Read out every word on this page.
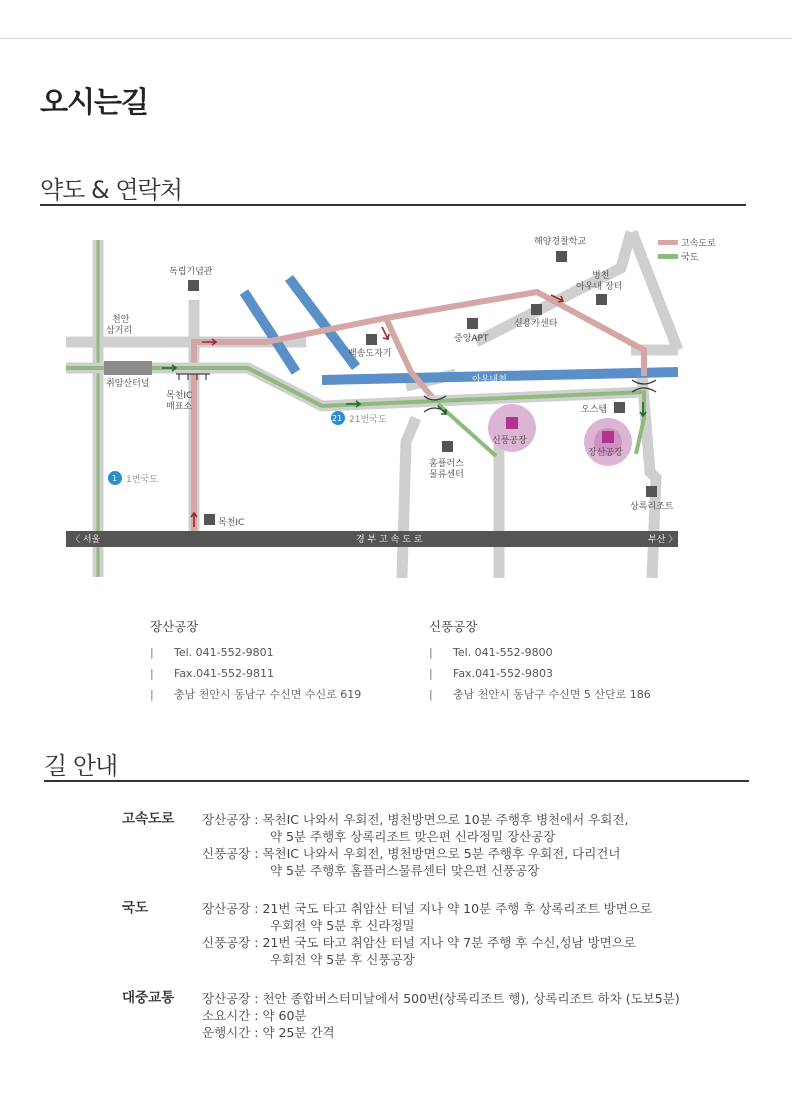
오시는길
약도 & 연락처
〈 서울	경 부 고 속 도 로	부산 〉
1 1번국도
21 21번국도
독립기념관
천안
삼거리
취암산터널
목천IC
매표소
목천IC
백송도자기
중앙APT
신용카센타
해양경찰학교
병천
아우내 장터
아우내천
오스템
홈플러스
물류센터
신풍공장
장산공장
상록리조트
고속도로
국도
장산공장
| Tel. 041-552-9801
| Fax.041-552-9811
| 충남 천안시 동남구 수신면 수신로 619
신풍공장
| Tel. 041-552-9800
| Fax.041-552-9803
| 충남 천안시 동남구 수신면 5 산단로 186
길 안내
고속도로 장산공장 : 목천IC 나와서 우회전, 병천방면으로 10분 주행후 병천에서 우회전,
약 5분 주행후 상록리조트 맞은편 신라정밀 장산공장
신풍공장 : 목천IC 나와서 우회전, 병천방면으로 5분 주행후 우회전, 다리건너
약 5분 주행후 홈플러스물류센터 맞은편 신풍공장
국도	장산공장 : 21번 국도 타고 취암산 터널 지나 약 10분 주행 후 상록리조트 방면으로
우회전 약 5분 후 신라정밀
신풍공장 : 21번 국도 타고 취암산 터널 지나 약 7분 주행 후 수신,성남 방면으로
우회전 약 5분 후 신풍공장
대중교통 장산공장 : 천안 종합버스터미날에서 500번(상록리조트 행), 상록리조트 하차 (도보5분)
소요시간 : 약 60분
운행시간 : 약 25분 간격
